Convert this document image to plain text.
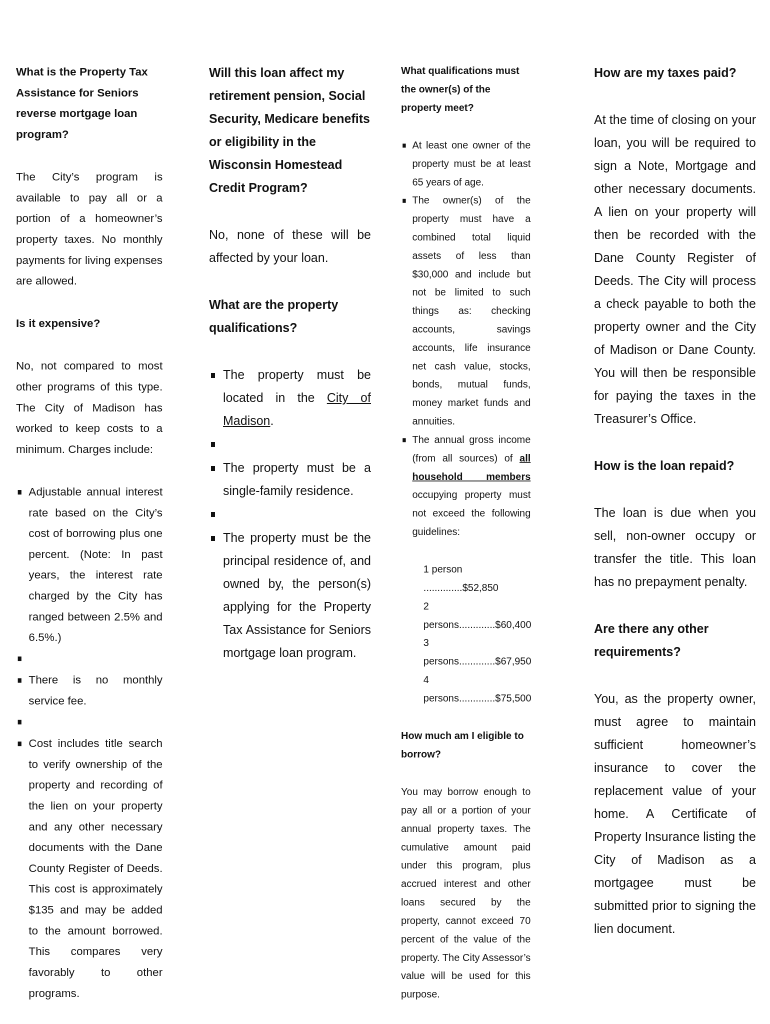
What is the Property Tax Assistance for Seniors reverse mortgage loan program?

The City’s program is available to pay all or a portion of a homeowner’s property taxes. No monthly payments for living expenses are allowed.

Is it expensive?

No, not compared to most other programs of this type. The City of Madison has worked to keep costs to a minimum. Charges include:

Adjustable annual interest rate based on the City’s cost of borrowing plus one percent. (Note: In past years, the interest rate charged by the City has ranged between 2.5% and 6.5%.)
There is no monthly service fee.
Cost includes title search to verify ownership of the property and recording of the lien on your property and any other necessary documents with the Dane County Register of Deeds. This cost is approximately $135 and may be added to the amount borrowed. This compares very favorably to other programs.
Will this loan affect my retirement pension, Social Security, Medicare benefits or eligibility in the Wisconsin Homestead Credit Program?

No, none of these will be affected by your loan.

What are the property qualifications?
The property must be located in the City of Madison.
The property must be a single-family residence.
The property must be the principal residence of, and owned by, the person(s) applying for the Property Tax Assistance for Seniors mortgage loan program.
What qualifications must the owner(s) of the property meet?
At least one owner of the property must be at least 65 years of age.
The owner(s) of the property must have a combined total liquid assets of less than $30,000 and include but not be limited to such things as: checking accounts, savings accounts, life insurance net cash value, stocks, bonds, mutual funds, money market funds and annuities.
The annual gross income (from all sources) of all household members occupying property must not exceed the following guidelines:
1 person ..............$52,850
2 persons.............$60,400
3 persons.............$67,950
4 persons.............$75,500
How much am I eligible to borrow?

You may borrow enough to pay all or a portion of your annual property taxes. The cumulative amount paid under this program, plus accrued interest and other loans secured by the property, cannot exceed 70 percent of the value of the property. The City Assessor’s value will be used for this purpose.

How are my taxes paid?

At the time of closing on your loan, you will be required to sign a Note, Mortgage and other necessary documents. A lien on your property will then be recorded with the Dane County Register of Deeds. The City will process a check payable to both the property owner and the City of Madison or Dane County. You will then be responsible for paying the taxes in the Treasurer’s Office.

How is the loan repaid?

The loan is due when you sell, non-owner occupy or transfer the title. This loan has no prepayment penalty.

Are there any other requirements?

You, as the property owner, must agree to maintain sufficient homeowner’s insurance to cover the replacement value of your home. A Certificate of Property Insurance listing the City of Madison as a mortgagee must be submitted prior to signing the lien document.
